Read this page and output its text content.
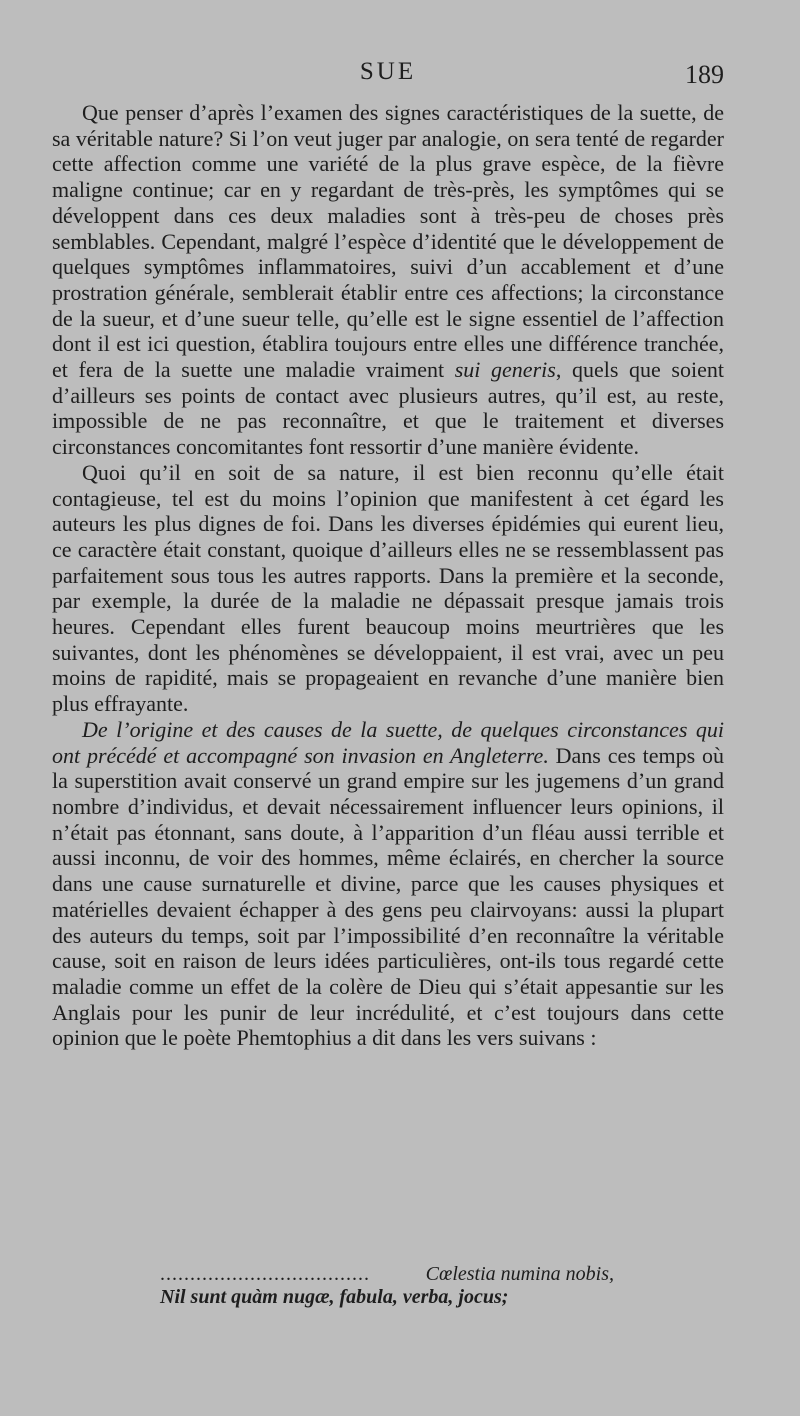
SUE	189

Que penser d’après l’examen des signes caractéristiques de la suette, de sa véritable nature? Si l’on veut juger par analogie, on sera tenté de regarder cette affection comme une variété de la plus grave espèce, de la fièvre maligne continue; car en y regardant de très-près, les symptômes qui se développent dans ces deux maladies sont à très-peu de choses près semblables. Cependant, malgré l’espèce d’identité que le développement de quelques symptômes inflammatoires, suivi d’un accablement et d’une prostration générale, semblerait établir entre ces affections; la circonstance de la sueur, et d’une sueur telle, qu’elle est le signe essentiel de l’affection dont il est ici question, établira toujours entre elles une différence tranchée, et fera de la suette une maladie vraiment sui generis, quels que soient d’ailleurs ses points de contact avec plusieurs autres, qu’il est, au reste, impossible de ne pas reconnaître, et que le traitement et diverses circonstances concomitantes font ressortir d’une manière évidente.

Quoi qu’il en soit de sa nature, il est bien reconnu qu’elle était contagieuse, tel est du moins l’opinion que manifestent à cet égard les auteurs les plus dignes de foi. Dans les diverses épidémies qui eurent lieu, ce caractère était constant, quoique d’ailleurs elles ne se ressemblassent pas parfaitement sous tous les autres rapports. Dans la première et la seconde, par exemple, la durée de la maladie ne dépassait presque jamais trois heures. Cependant elles furent beaucoup moins meurtrières que les suivantes, dont les phénomènes se développaient, il est vrai, avec un peu moins de rapidité, mais se propageaient en revanche d’une manière bien plus effrayante.

De l’origine et des causes de la suette, de quelques circonstances qui ont précédé et accompagné son invasion en Angleterre. Dans ces temps où la superstition avait conservé un grand empire sur les jugemens d’un grand nombre d’individus, et devait nécessairement influencer leurs opinions, il n’était pas étonnant, sans doute, à l’apparition d’un fléau aussi terrible et aussi inconnu, de voir des hommes, même éclairés, en chercher la source dans une cause surnaturelle et divine, parce que les causes physiques et matérielles devaient échapper à des gens peu clairvoyans: aussi la plupart des auteurs du temps, soit par l’impossibilité d’en reconnaître la véritable cause, soit en raison de leurs idées particulières, ont-ils tous regardé cette maladie comme un effet de la colère de Dieu qui s’était appesantie sur les Anglais pour les punir de leur incrédulité, et c’est toujours dans cette opinion que le poète Phemtophius a dit dans les vers suivans :

...................................	Cœlestia numina nobis,
Nil sunt quàm nugæ, fabula, verba, jocus;
